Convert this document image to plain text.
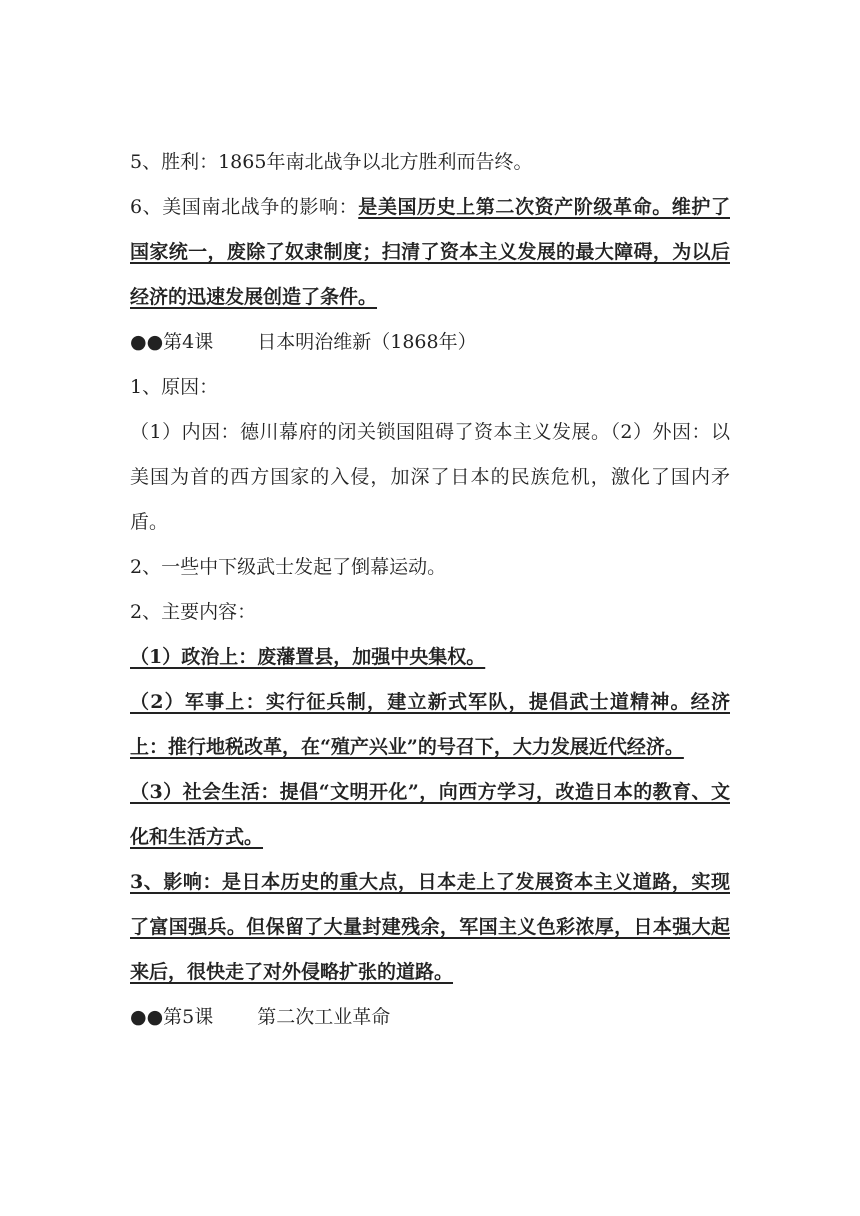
5、胜利：1865年南北战争以北方胜利而告终。

6、美国南北战争的影响：是美国历史上第二次资产阶级革命。维护了国家统一，废除了奴隶制度；扫清了资本主义发展的最大障碍，为以后经济的迅速发展创造了条件。

●●第4课 日本明治维新（1868年）

1、原因：

（1）内因：德川幕府的闭关锁国阻碍了资本主义发展。（2）外因：以美国为首的西方国家的入侵，加深了日本的民族危机，激化了国内矛盾。

2、一些中下级武士发起了倒幕运动。

2、主要内容：

（1）政治上：废藩置县，加强中央集权。

（2）军事上：实行征兵制，建立新式军队，提倡武士道精神。经济上：推行地税改革，在“殖产兴业”的号召下，大力发展近代经济。

（3）社会生活：提倡“文明开化”，向西方学习，改造日本的教育、文化和生活方式。

3、影响：是日本历史的重大点，日本走上了发展资本主义道路，实现了富国强兵。但保留了大量封建残余，军国主义色彩浓厚，日本强大起来后，很快走了对外侵略扩张的道路。

●●第5课 第二次工业革命
